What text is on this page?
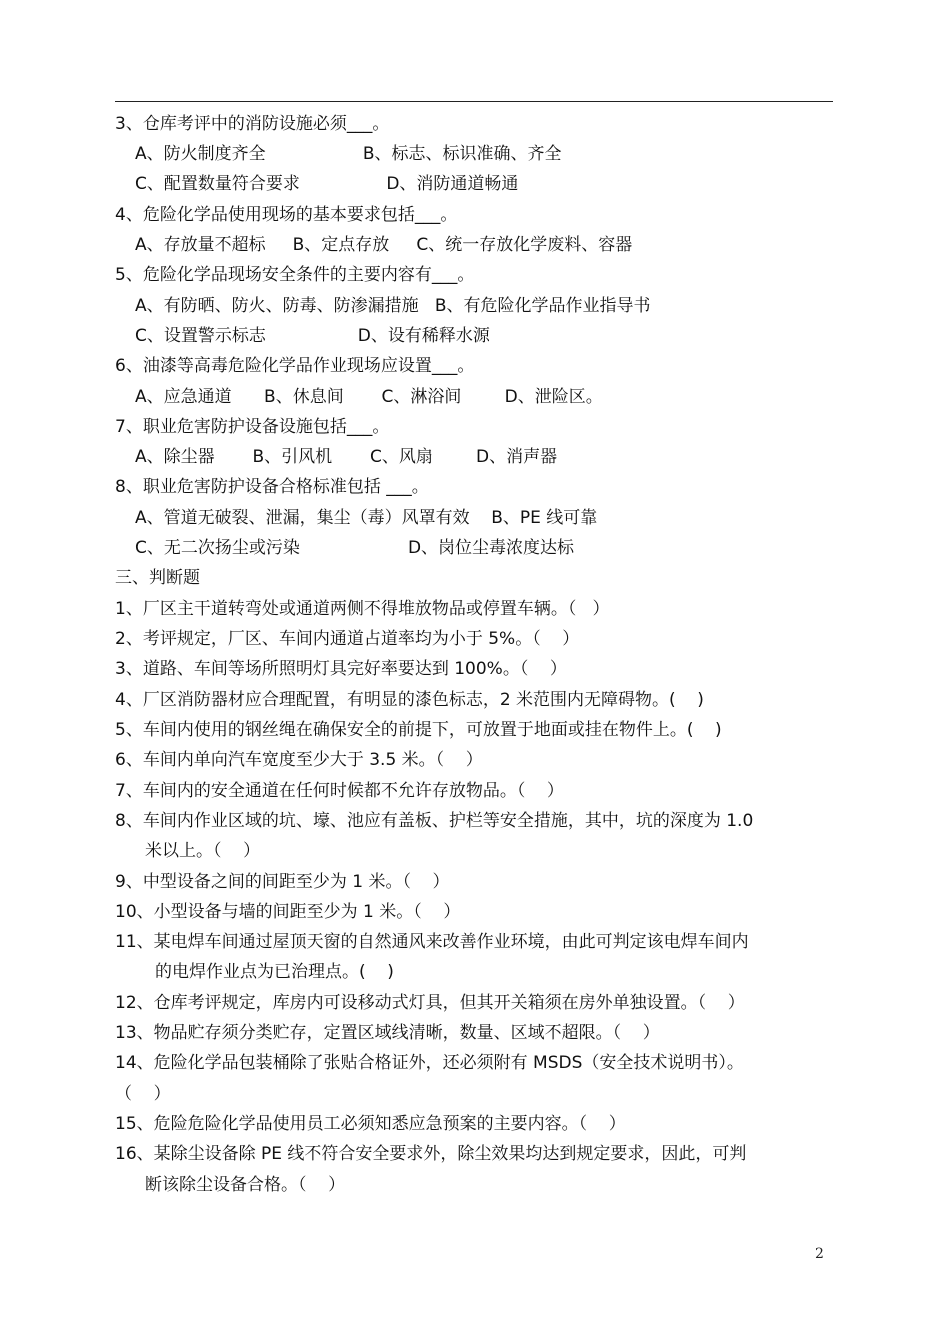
3、仓库考评中的消防设施必须___。
A、防火制度齐全                  B、标志、标识准确、齐全
C、配置数量符合要求                D、消防通道畅通
4、危险化学品使用现场的基本要求包括___。
A、存放量不超标     B、定点存放     C、统一存放化学废料、容器
5、危险化学品现场安全条件的主要内容有___。
A、有防晒、防火、防毒、防渗漏措施   B、有危险化学品作业指导书
C、设置警示标志                 D、设有稀释水源
6、油漆等高毒危险化学品作业现场应设置___。
A、应急通道      B、休息间       C、淋浴间        D、泄险区。
7、职业危害防护设备设施包括___。
A、除尘器       B、引风机       C、风扇        D、消声器
8、职业危害防护设备合格标准包括 ___。
A、管道无破裂、泄漏，集尘（毒）风罩有效    B、PE 线可靠
C、无二次扬尘或污染                    D、岗位尘毒浓度达标
三、判断题
1、厂区主干道转弯处或通道两侧不得堆放物品或停置车辆。（   ）
2、考评规定，厂区、车间内通道占道率均为小于 5%。（    ）
3、道路、车间等场所照明灯具完好率要达到 100%。（    ）
4、厂区消防器材应合理配置，有明显的漆色标志，2 米范围内无障碍物。(    )
5、车间内使用的钢丝绳在确保安全的前提下，可放置于地面或挂在物件上。(    )
6、车间内单向汽车宽度至少大于 3.5 米。（    ）
7、车间内的安全通道在任何时候都不允许存放物品。（    ）
8、车间内作业区域的坑、壕、池应有盖板、护栏等安全措施，其中，坑的深度为 1.0
米以上。（    ）
9、中型设备之间的间距至少为 1 米。（    ）
10、小型设备与墙的间距至少为 1 米。（    ）
11、某电焊车间通过屋顶天窗的自然通风来改善作业环境，由此可判定该电焊车间内
的电焊作业点为已治理点。(    )
12、仓库考评规定，库房内可设移动式灯具，但其开关箱须在房外单独设置。（    ）
13、物品贮存须分类贮存，定置区域线清晰，数量、区域不超限。（    ）
14、危险化学品包装桶除了张贴合格证外，还必须附有 MSDS（安全技术说明书）。
（    ）
15、危险危险化学品使用员工必须知悉应急预案的主要内容。（    ）
16、某除尘设备除 PE 线不符合安全要求外，除尘效果均达到规定要求，因此，可判
断该除尘设备合格。（    ）
2
